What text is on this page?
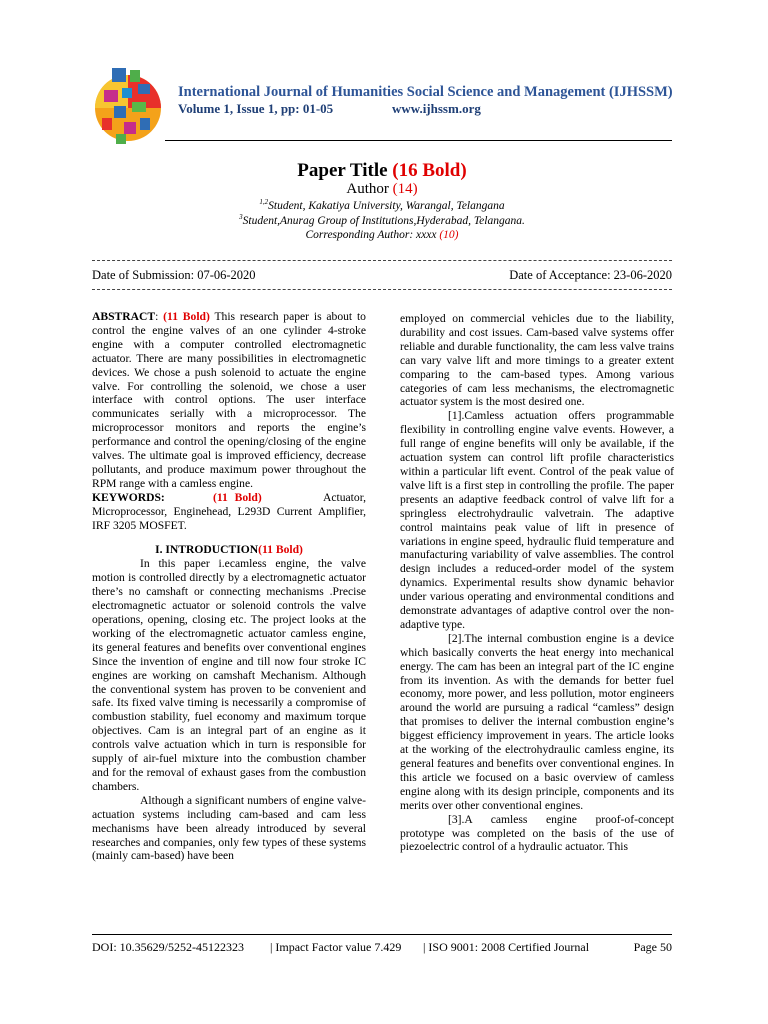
International Journal of Humanities Social Science and Management (IJHSSM)
Volume 1, Issue 1, pp: 01-05	www.ijhssm.org
Paper Title (16 Bold)
Author (14)
$^{1,2}$Student, Kakatiya University, Warangal, Telangana
$^3$Student,Anurag Group of Institutions,Hyderabad, Telangana.
Corresponding Author: xxxx (10)
Date of Submission: 07-06-2020	Date of Acceptance: 23-06-2020

ABSTRACT: (11 Bold) This research paper is about to control the engine valves of an one cylinder 4-stroke engine with a computer controlled electromagnetic actuator. There are many possibilities in electromagnetic devices. We chose a push solenoid to actuate the engine valve. For controlling the solenoid, we chose a user interface with control options. The user interface communicates serially with a microprocessor. The microprocessor monitors and reports the engine’s performance and control the opening/closing of the engine valves. The ultimate goal is improved efficiency, decrease pollutants, and produce maximum power throughout the RPM range with a camless engine.

KEYWORDS:	(11 Bold)	Actuator, Microprocessor, Enginehead, L293D Current Amplifier, IRF 3205 MOSFET.

I. INTRODUCTION(11 Bold)

In this paper i.ecamless engine, the valve motion is controlled directly by a electromagnetic actuator there’s no camshaft or connecting mechanisms .Precise electromagnetic actuator or solenoid controls the valve operations, opening, closing etc. The project looks at the working of the electromagnetic actuator camless engine, its general features and benefits over conventional engines Since the invention of engine and till now four stroke IC engines are working on camshaft Mechanism. Although the conventional system has proven to be convenient and safe. Its fixed valve timing is necessarily a compromise of combustion stability, fuel economy and maximum torque objectives. Cam is an integral part of an engine as it controls valve actuation which in turn is responsible for supply of air-fuel mixture into the combustion chamber and for the removal of exhaust gases from the combustion chambers.

Although a significant numbers of engine valve-actuation systems including cam-based and cam less mechanisms have been already introduced by several researches and companies, only few types of these systems (mainly cam-based) have been

employed on commercial vehicles due to the liability, durability and cost issues. Cam-based valve systems offer reliable and durable functionality, the cam less valve trains can vary valve lift and more timings to a greater extent comparing to the cam-based types. Among various categories of cam less mechanisms, the electromagnetic actuator system is the most desired one.

[1].Camless actuation offers programmable flexibility in controlling engine valve events. However, a full range of engine benefits will only be available, if the actuation system can control lift profile characteristics within a particular lift event. Control of the peak value of valve lift is a first step in controlling the profile. The paper presents an adaptive feedback control of valve lift for a springless electrohydraulic valvetrain. The adaptive control maintains peak value of lift in presence of variations in engine speed, hydraulic fluid temperature and manufacturing variability of valve assemblies. The control design includes a reduced-order model of the system dynamics. Experimental results show dynamic behavior under various operating and environmental conditions and demonstrate advantages of adaptive control over the non-adaptive type.

[2].The internal combustion engine is a device which basically converts the heat energy into mechanical energy. The cam has been an integral part of the IC engine from its invention. As with the demands for better fuel economy, more power, and less pollution, motor engineers around the world are pursuing a radical “camless” design that promises to deliver the internal combustion engine’s biggest efficiency improvement in years. The article looks at the working of the electrohydraulic camless engine, its general features and benefits over conventional engines. In this article we focused on a basic overview of camless engine along with its design principle, components and its merits over other conventional engines.

[3].A camless engine proof-of-concept prototype was completed on the basis of the use of piezoelectric control of a hydraulic actuator. This

DOI: 10.35629/5252-45122323 | Impact Factor value 7.429 | ISO 9001: 2008 Certified Journal	Page 50
